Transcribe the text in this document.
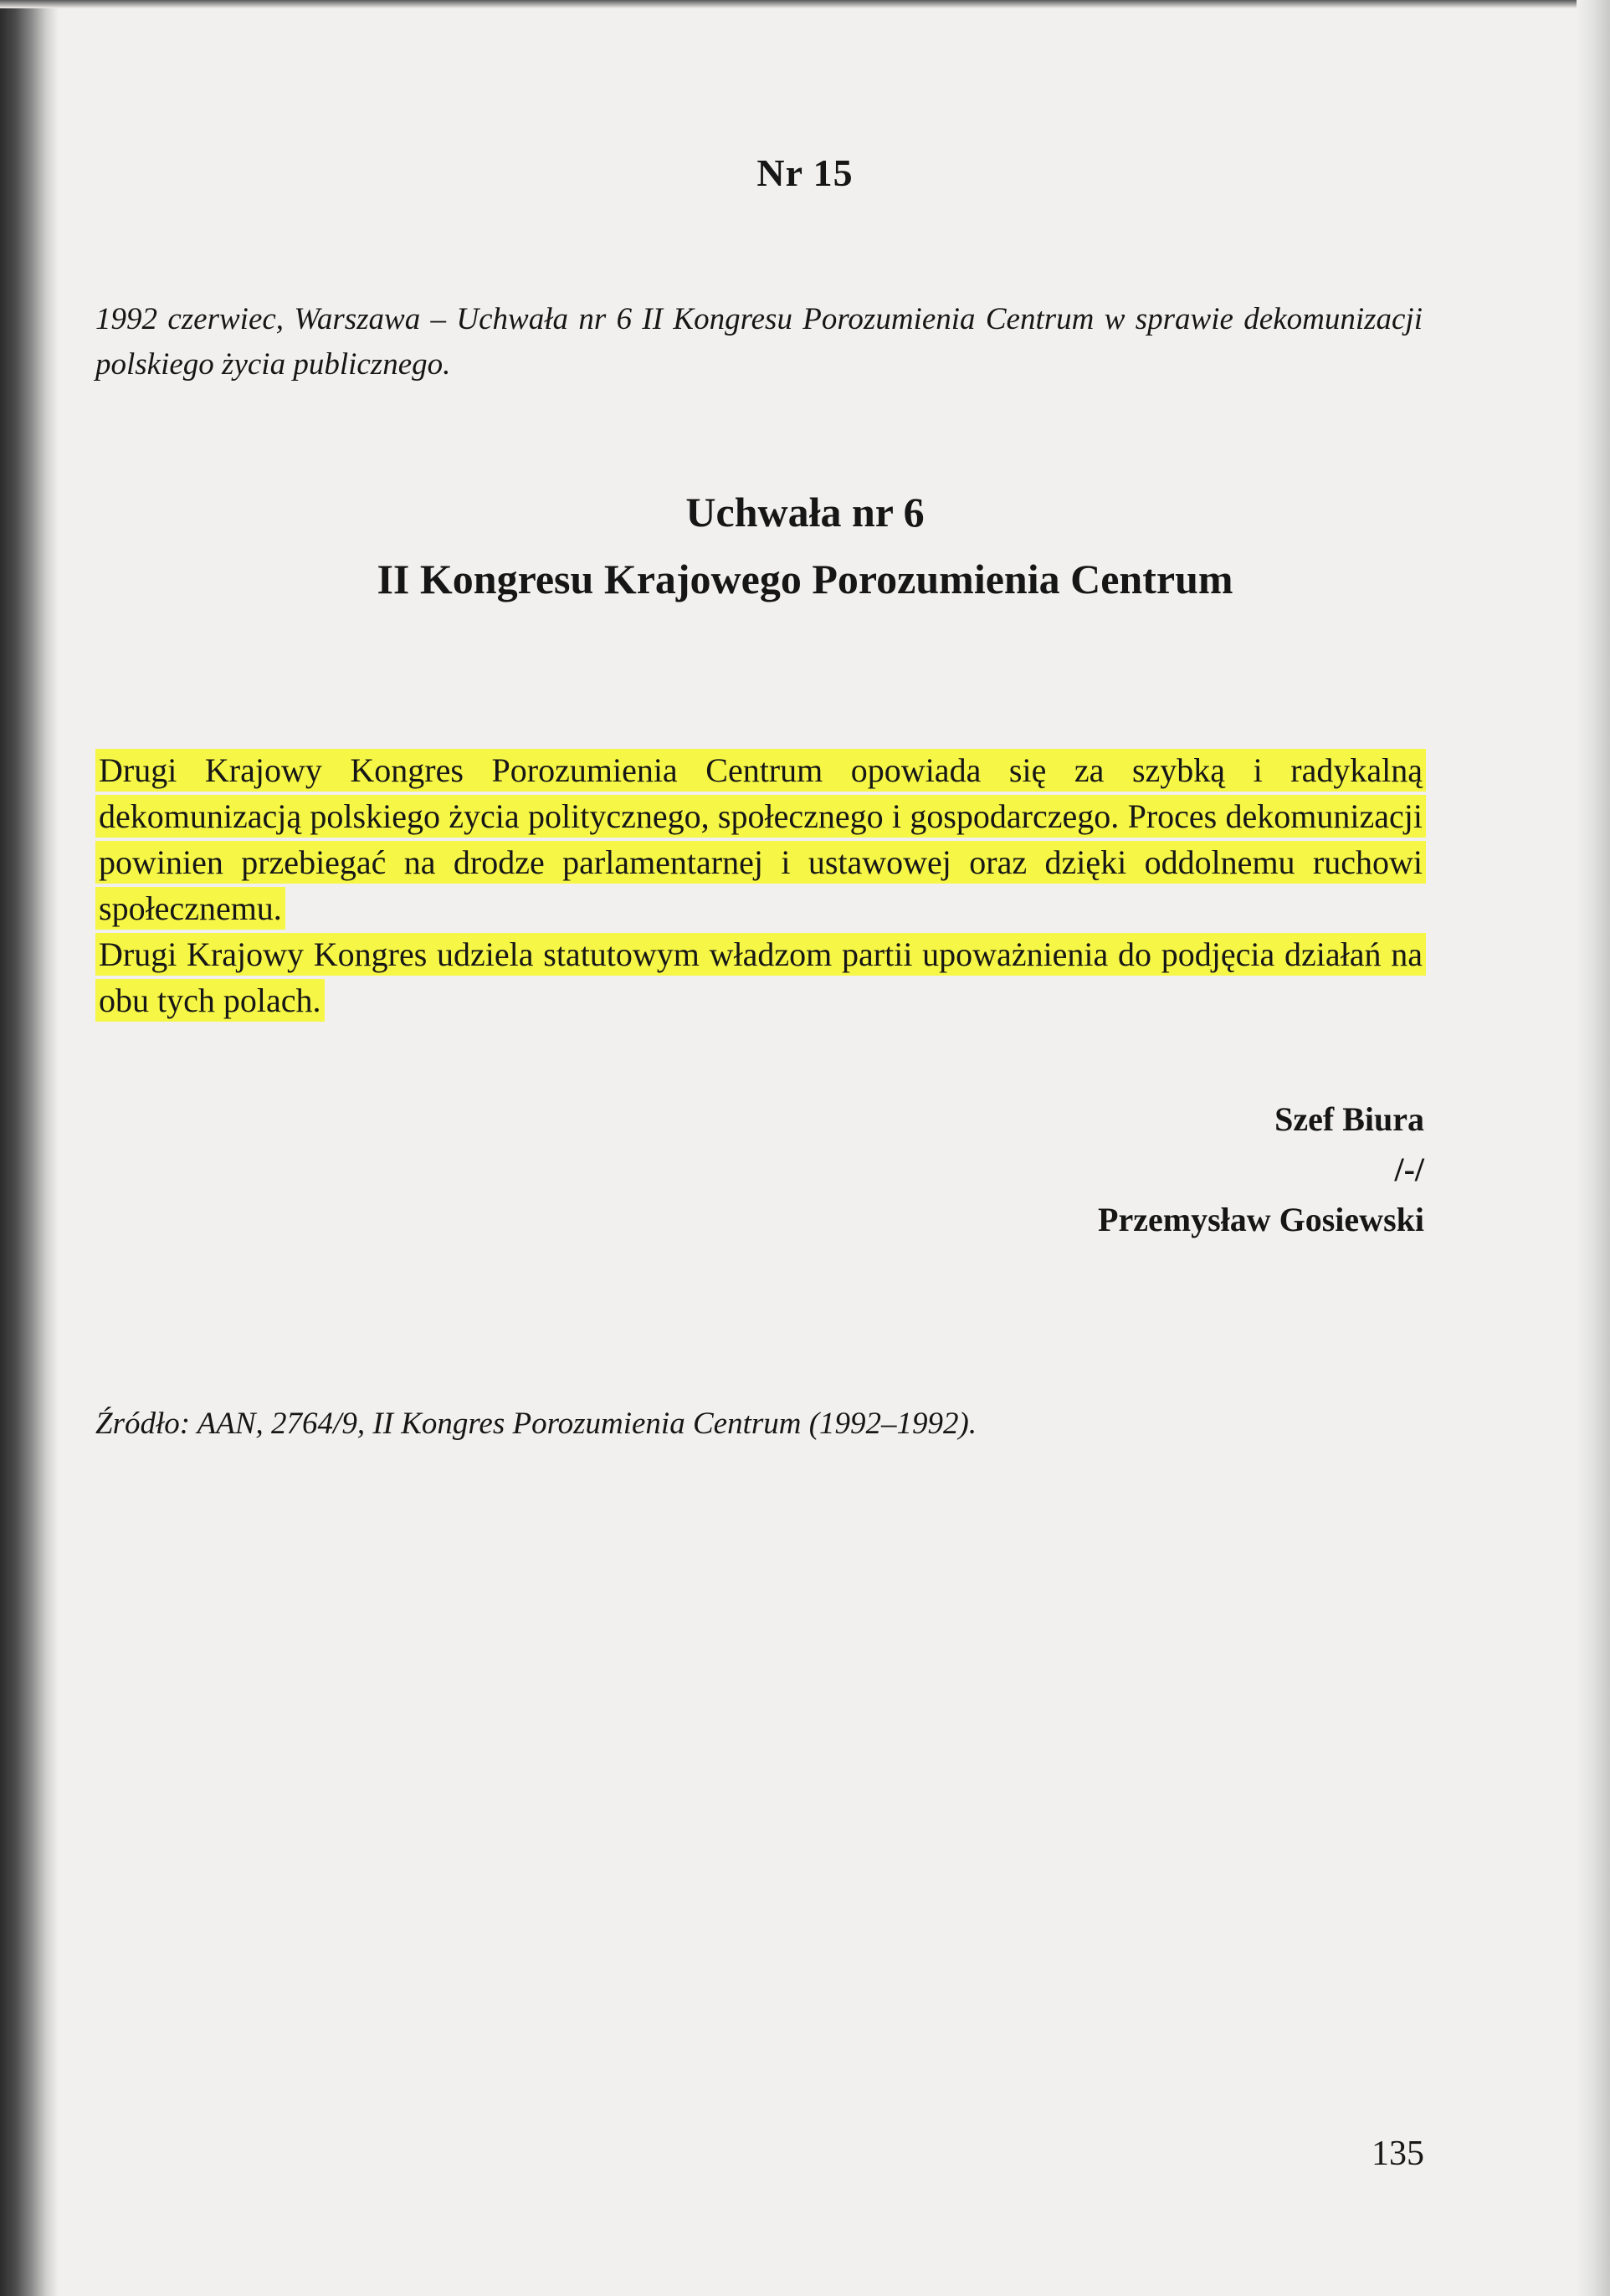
Nr 15
1992 czerwiec, Warszawa – Uchwała nr 6 II Kongresu Porozumienia Centrum w sprawie dekomunizacji polskiego życia publicznego.
Uchwała nr 6
II Kongresu Krajowego Porozumienia Centrum

Drugi Krajowy Kongres Porozumienia Centrum opowiada się za szybką i radykalną dekomunizacją polskiego życia politycznego, społecznego i gospodarczego. Proces dekomunizacji powinien przebiegać na drodze parlamentarnej i ustawowej oraz dzięki oddolnemu ruchowi społecznemu.

Drugi Krajowy Kongres udziela statutowym władzom partii upoważnienia do podjęcia działań na obu tych polach.

Szef Biura
/-/
Przemysław Gosiewski
Źródło: AAN, 2764/9, II Kongres Porozumienia Centrum (1992–1992).
135
